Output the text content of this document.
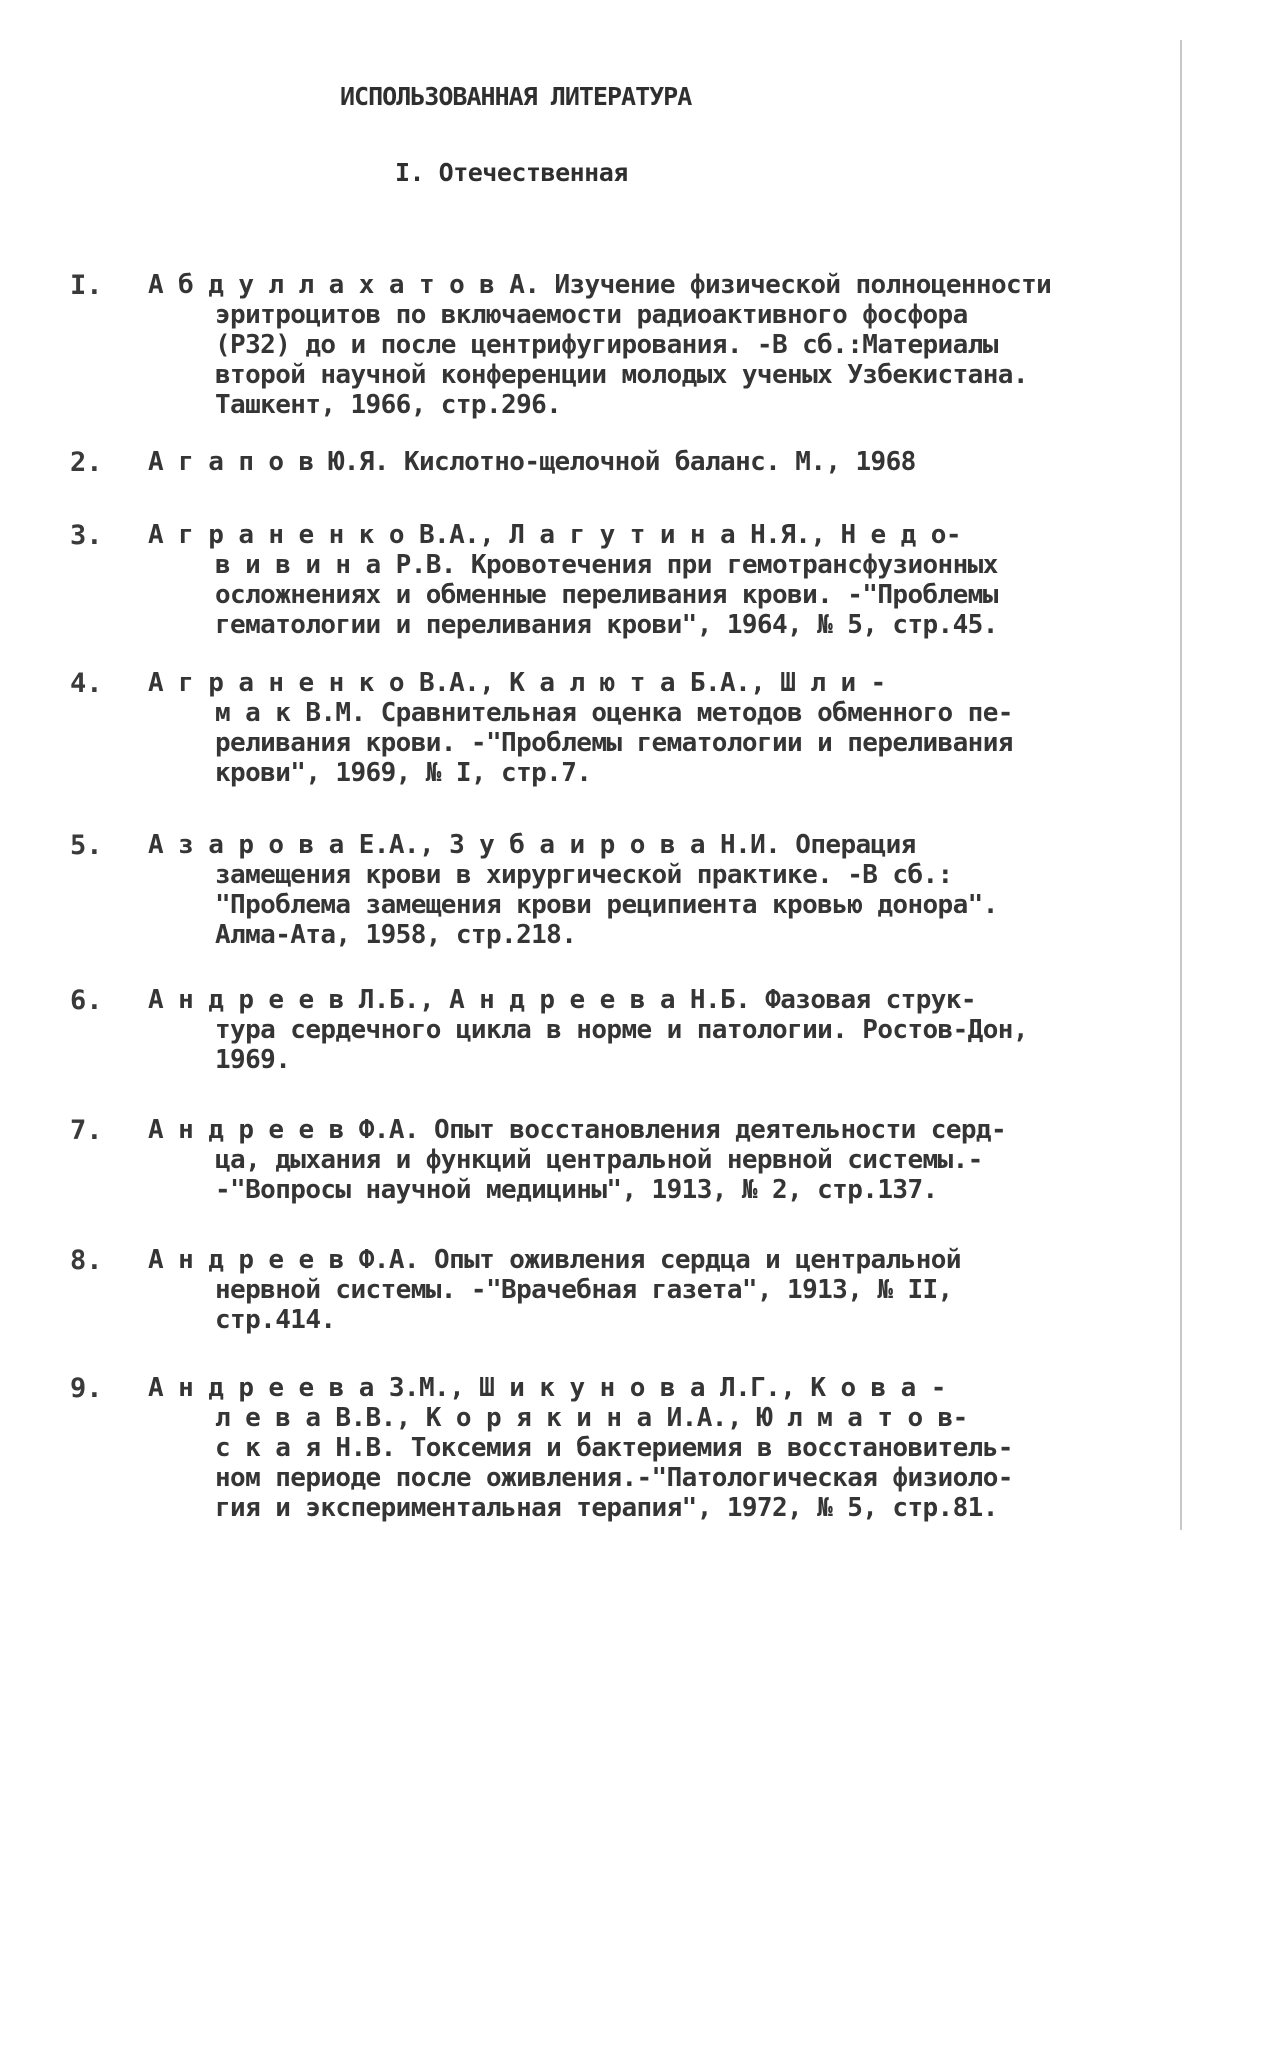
ИСПОЛЬЗОВАННАЯ ЛИТЕРАТУРА
I. Отечественная
I. А б д у л л а х а т о в А. Изучение физической полноценности
эритроцитов по включаемости радиоактивного фосфора
(Р32) до и после центрифугирования. -В сб.:Материалы
второй научной конференции молодых ученых Узбекистана.
Ташкент, 1966, стр.296.
2. А г а п о в Ю.Я. Кислотно-щелочной баланс. М., 1968
3. А г р а н е н к о В.А., Л а г у т и н а Н.Я., Н е д о-
в и в и н а Р.В. Кровотечения при гемотрансфузионных
осложнениях и обменные переливания крови. -"Проблемы
гематологии и переливания крови", 1964, № 5, стр.45.
4. А г р а н е н к о В.А., К а л ю т а Б.А., Ш л и -
м а к В.М. Сравнительная оценка методов обменного пе-
реливания крови. -"Проблемы гематологии и переливания
крови", 1969, № I, стр.7.
5. А з а р о в а Е.А., З у б а и р о в а Н.И. Операция
замещения крови в хирургической практике. -В сб.:
"Проблема замещения крови реципиента кровью донора".
Алма-Ата, 1958, стр.218.
6. А н д р е е в Л.Б., А н д р е е в а Н.Б. Фазовая струк-
тура сердечного цикла в норме и патологии. Ростов-Дон,
1969.
7. А н д р е е в Ф.А. Опыт восстановления деятельности серд-
ца, дыхания и функций центральной нервной системы.-
-"Вопросы научной медицины", 1913, № 2, стр.137.
8. А н д р е е в Ф.А. Опыт оживления сердца и центральной
нервной системы. -"Врачебная газета", 1913, № II,
стр.414.
9. А н д р е е в а З.М., Ш и к у н о в а Л.Г., К о в а -
л е в а В.В., К о р я к и н а И.А., Ю л м а т о в-
с к а я Н.В. Токсемия и бактериемия в восстановитель-
ном периоде после оживления.-"Патологическая физиоло-
гия и экспериментальная терапия", 1972, № 5, стр.81.
